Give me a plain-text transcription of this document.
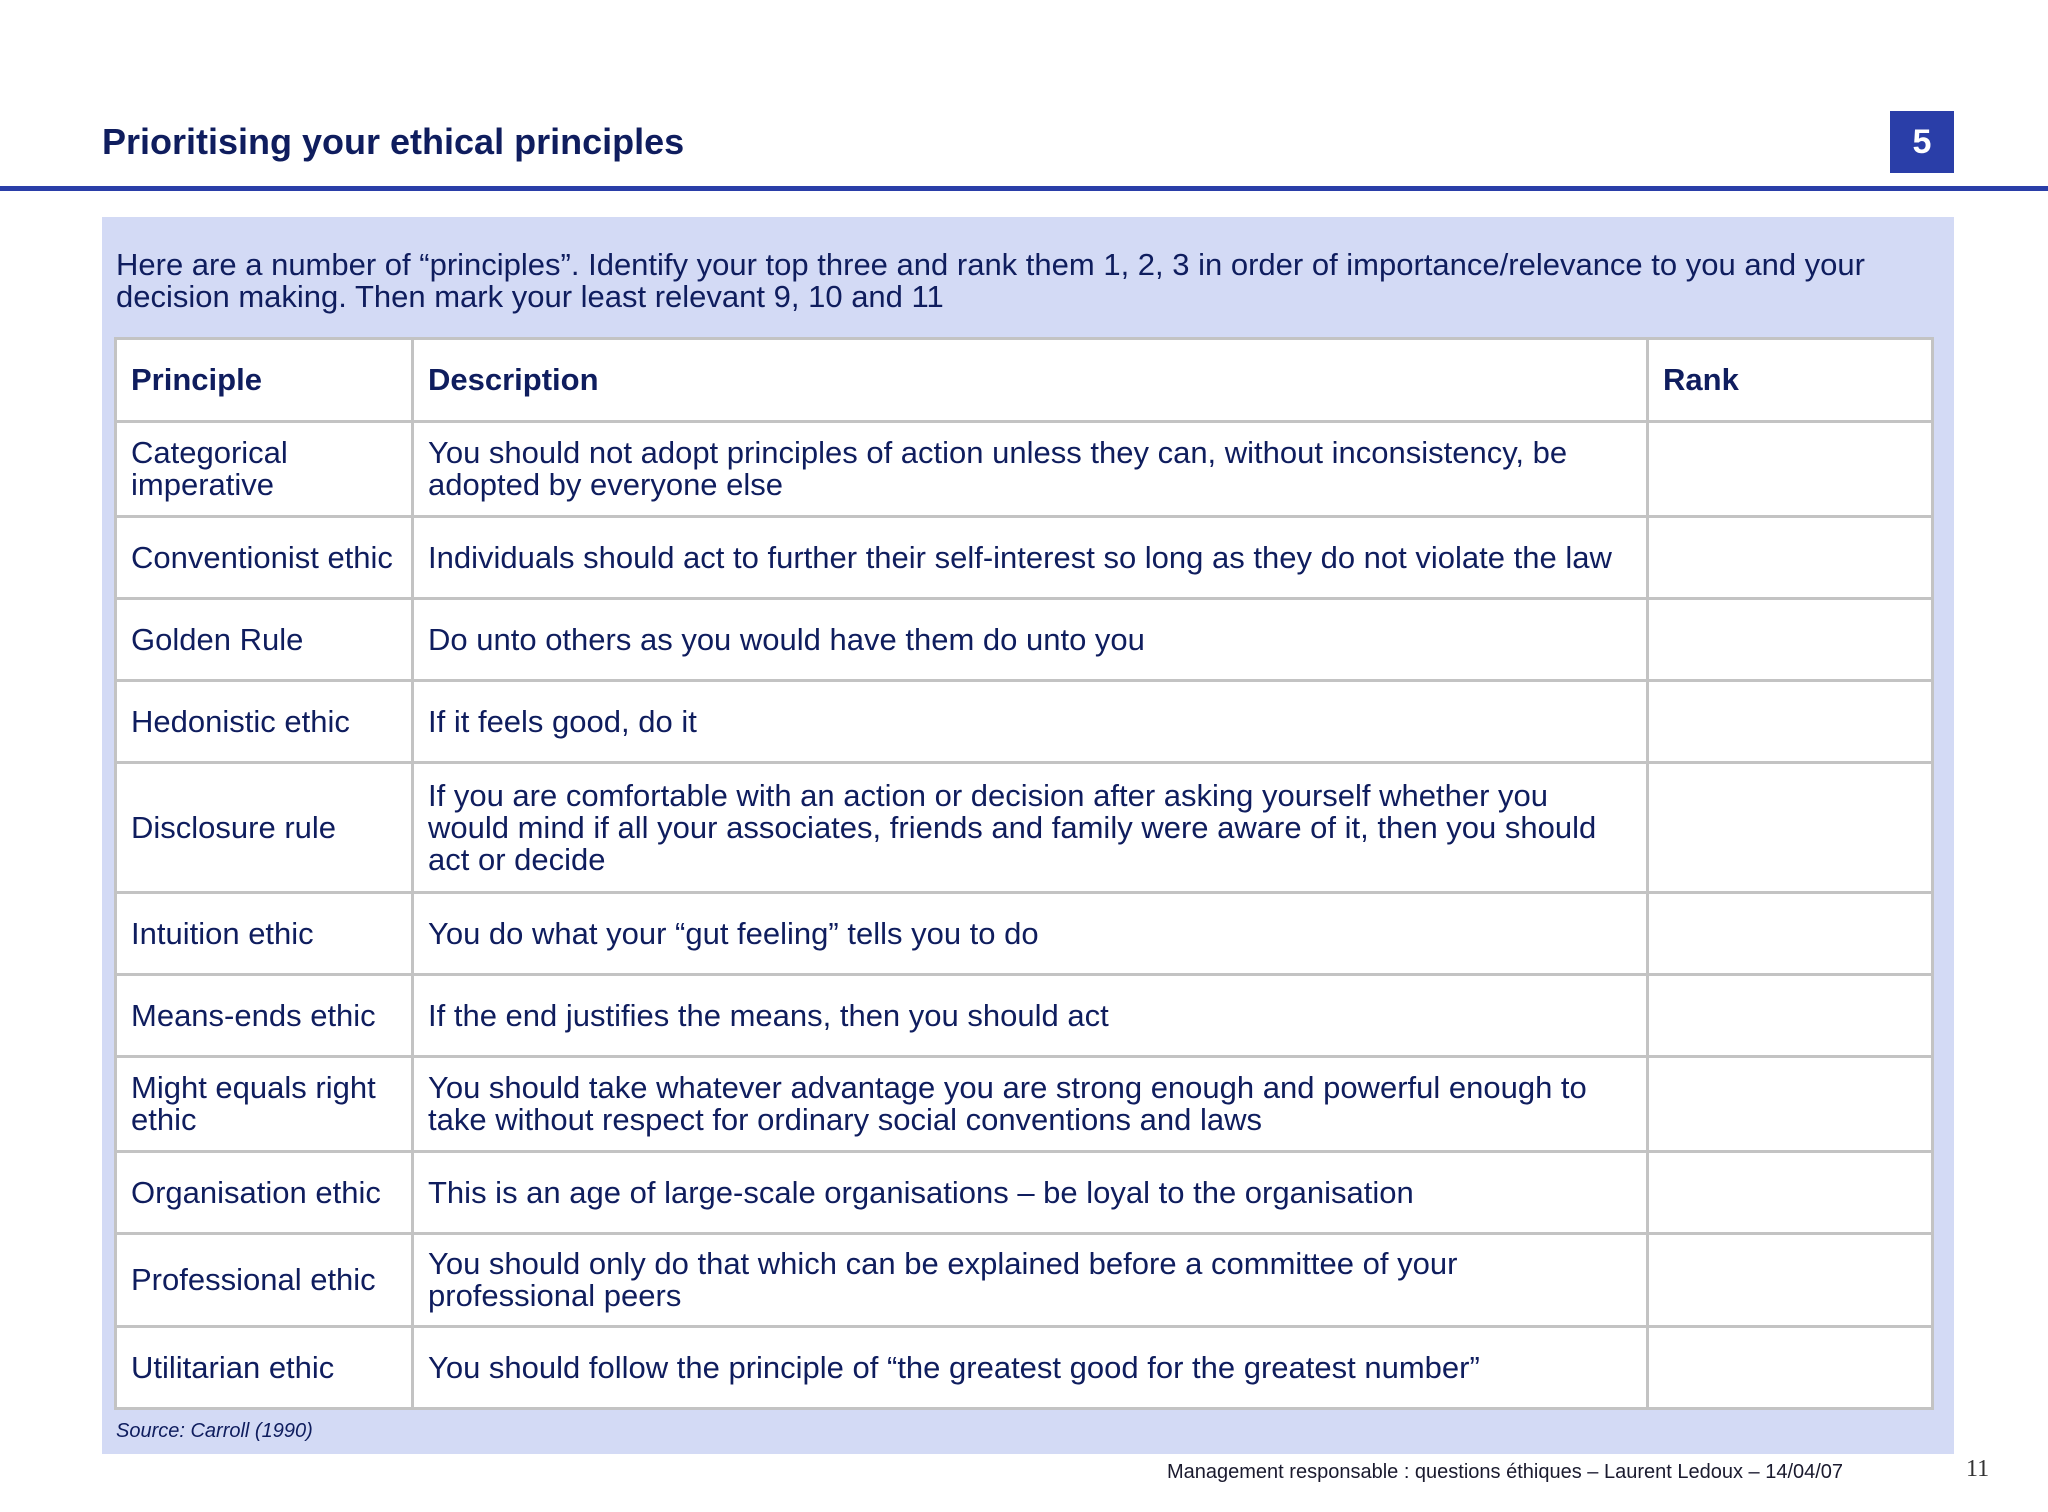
Prioritising your ethical principles	5

Here are a number of “principles”. Identify your top three and rank them 1, 2, 3 in order of importance/relevance to you and your decision making. Then mark your least relevant 9, 10 and 11

Principle	Description	Rank
Categorical imperative	You should not adopt principles of action unless they can, without inconsistency, be adopted by everyone else	
Conventionist ethic	Individuals should act to further their self-interest so long as they do not violate the law	
Golden Rule	Do unto others as you would have them do unto you	
Hedonistic ethic	If it feels good, do it	
Disclosure rule	If you are comfortable with an action or decision after asking yourself whether you would mind if all your associates, friends and family were aware of it, then you should act or decide	
Intuition ethic	You do what your “gut feeling” tells you to do	
Means-ends ethic	If the end justifies the means, then you should act	
Might equals right ethic	You should take whatever advantage you are strong enough and powerful enough to take without respect for ordinary social conventions and laws	
Organisation ethic	This is an age of large-scale organisations – be loyal to the organisation	
Professional ethic	You should only do that which can be explained before a committee of your professional peers	
Utilitarian ethic	You should follow the principle of “the greatest good for the greatest number”	

Source: Carroll (1990)

Management responsable : questions éthiques – Laurent Ledoux – 14/04/07	11
